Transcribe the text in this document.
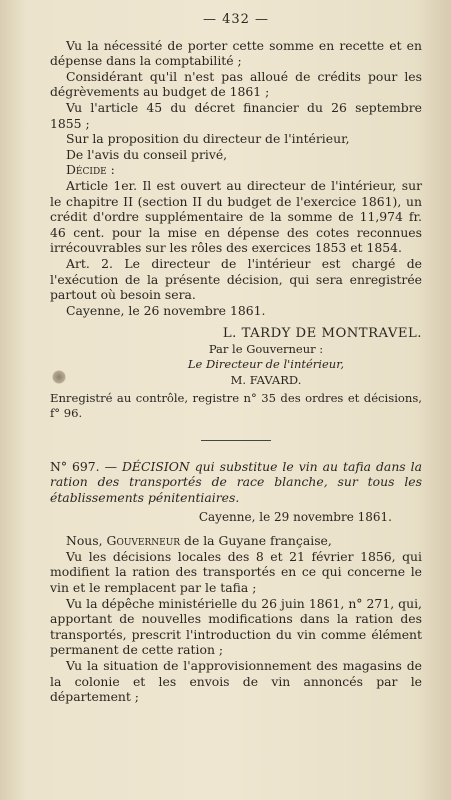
— 432 —

Vu la nécessité de porter cette somme en recette et en dépense dans la comptabilité ;

Considérant qu'il n'est pas alloué de crédits pour les dégrèvements au budget de 1861 ;

Vu l'article 45 du décret financier du 26 septembre 1855 ;

Sur la proposition du directeur de l'intérieur,

De l'avis du conseil privé,

Décide :

Article 1er. Il est ouvert au directeur de l'intérieur, sur le chapitre II (section II du budget de l'exercice 1861), un crédit d'ordre supplémentaire de la somme de 11,974 fr. 46 cent. pour la mise en dépense des cotes reconnues irrécouvrables sur les rôles des exercices 1853 et 1854.

Art. 2. Le directeur de l'intérieur est chargé de l'exécution de la présente décision, qui sera enregistrée partout où besoin sera.

Cayenne, le 26 novembre 1861.

L. TARDY DE MONTRAVEL.
Par le Gouverneur :
Le Directeur de l'intérieur,
M. FAVARD.

Enregistré au contrôle, registre n° 35 des ordres et décisions, f° 96.

N° 697. — DÉCISION qui substitue le vin au tafia dans la ration des transportés de race blanche, sur tous les établissements pénitentiaires.

Cayenne, le 29 novembre 1861.

Nous, Gouverneur de la Guyane française,

Vu les décisions locales des 8 et 21 février 1856, qui modifient la ration des transportés en ce qui concerne le vin et le remplacent par le tafia ;

Vu la dépêche ministérielle du 26 juin 1861, n° 271, qui, apportant de nouvelles modifications dans la ration des transportés, prescrit l'introduction du vin comme élément permanent de cette ration ;

Vu la situation de l'approvisionnement des magasins de la colonie et les envois de vin annoncés par le département ;
